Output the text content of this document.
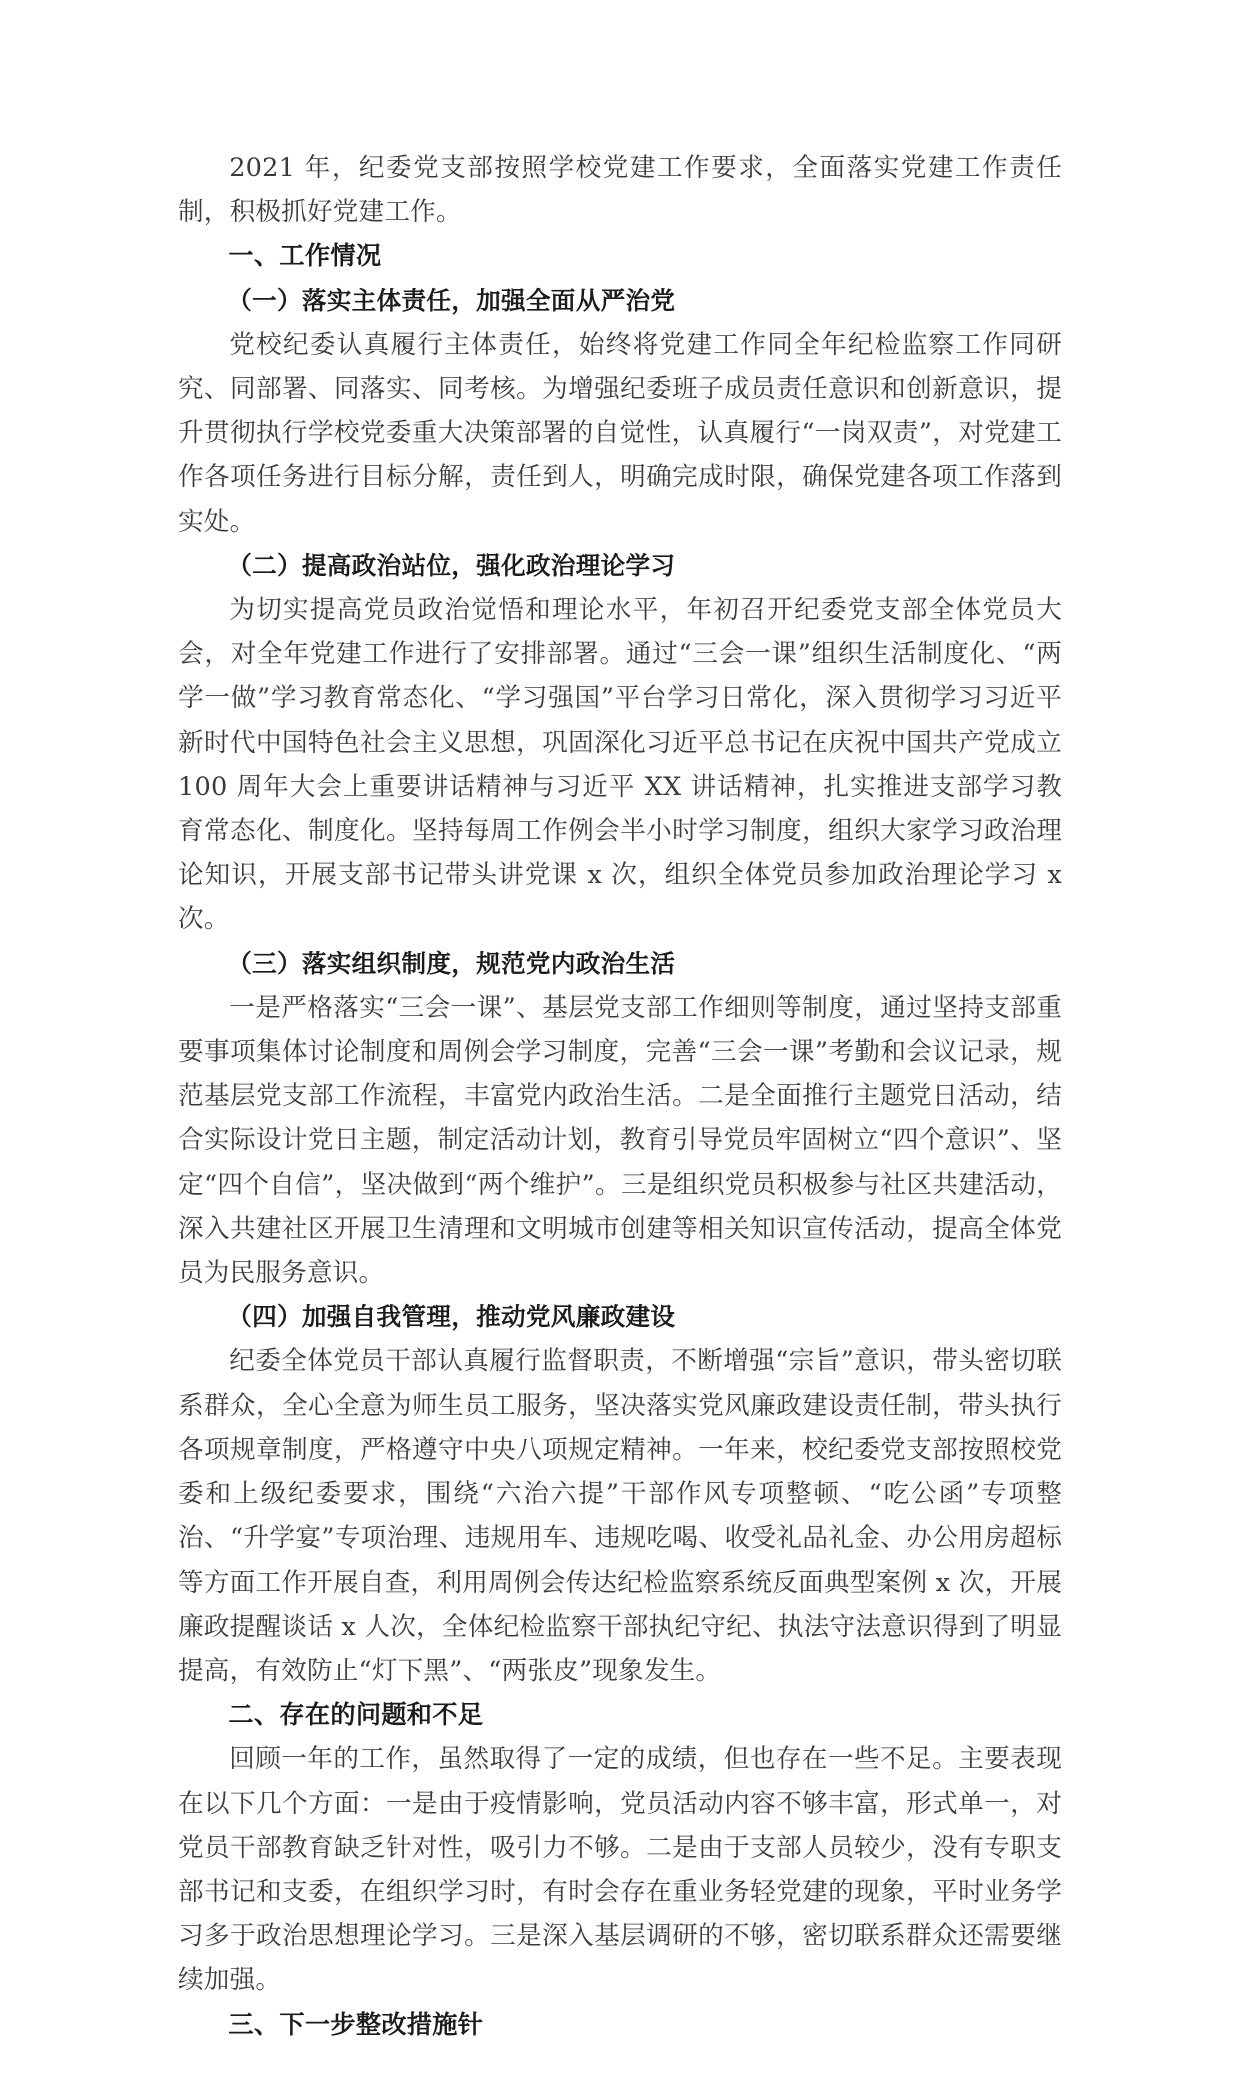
2021 年，纪委党支部按照学校党建工作要求，全面落实党建工作责任制，积极抓好党建工作。

一、工作情况

（一）落实主体责任，加强全面从严治党

党校纪委认真履行主体责任，始终将党建工作同全年纪检监察工作同研究、同部署、同落实、同考核。为增强纪委班子成员责任意识和创新意识，提升贯彻执行学校党委重大决策部署的自觉性，认真履行“一岗双责”，对党建工作各项任务进行目标分解，责任到人，明确完成时限，确保党建各项工作落到实处。

（二）提高政治站位，强化政治理论学习

为切实提高党员政治觉悟和理论水平，年初召开纪委党支部全体党员大会，对全年党建工作进行了安排部署。通过“三会一课”组织生活制度化、“两学一做”学习教育常态化、“学习强国”平台学习日常化，深入贯彻学习习近平新时代中国特色社会主义思想，巩固深化习近平总书记在庆祝中国共产党成立 100 周年大会上重要讲话精神与习近平 XX 讲话精神，扎实推进支部学习教育常态化、制度化。坚持每周工作例会半小时学习制度，组织大家学习政治理论知识，开展支部书记带头讲党课 x 次，组织全体党员参加政治理论学习 x 次。

（三）落实组织制度，规范党内政治生活

一是严格落实“三会一课”、基层党支部工作细则等制度，通过坚持支部重要事项集体讨论制度和周例会学习制度，完善“三会一课”考勤和会议记录，规范基层党支部工作流程，丰富党内政治生活。二是全面推行主题党日活动，结合实际设计党日主题，制定活动计划，教育引导党员牢固树立“四个意识”、坚定“四个自信”，坚决做到“两个维护”。三是组织党员积极参与社区共建活动，深入共建社区开展卫生清理和文明城市创建等相关知识宣传活动，提高全体党员为民服务意识。

（四）加强自我管理，推动党风廉政建设

纪委全体党员干部认真履行监督职责，不断增强“宗旨”意识，带头密切联系群众，全心全意为师生员工服务，坚决落实党风廉政建设责任制，带头执行各项规章制度，严格遵守中央八项规定精神。一年来，校纪委党支部按照校党委和上级纪委要求，围绕“六治六提”干部作风专项整顿、“吃公函”专项整治、“升学宴”专项治理、违规用车、违规吃喝、收受礼品礼金、办公用房超标等方面工作开展自查，利用周例会传达纪检监察系统反面典型案例 x 次，开展廉政提醒谈话 x 人次，全体纪检监察干部执纪守纪、执法守法意识得到了明显提高，有效防止“灯下黑”、“两张皮”现象发生。

二、存在的问题和不足

回顾一年的工作，虽然取得了一定的成绩，但也存在一些不足。主要表现在以下几个方面：一是由于疫情影响，党员活动内容不够丰富，形式单一，对党员干部教育缺乏针对性，吸引力不够。二是由于支部人员较少，没有专职支部书记和支委，在组织学习时，有时会存在重业务轻党建的现象，平时业务学习多于政治思想理论学习。三是深入基层调研的不够，密切联系群众还需要继续加强。

三、下一步整改措施针
